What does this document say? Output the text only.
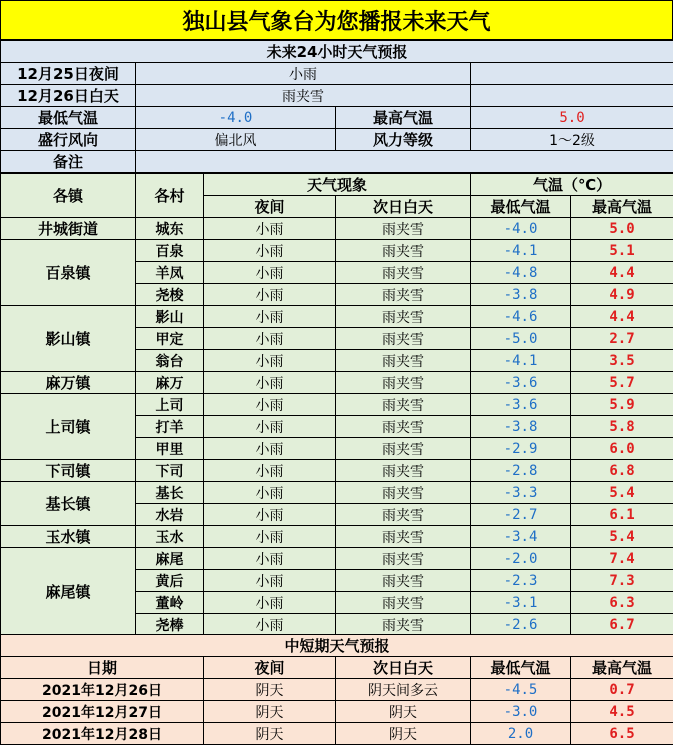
独山县气象台为您播报未来天气
未来24小时天气预报			
12月25日夜间	小雨		
12月26日白天	雨夹雪		
最低气温	-4.0	最高气温	5.0
盛行风向	偏北风	风力等级	1～2级
备注			
各镇	各村	天气现象		气温（℃）	
		夜间	次日白天	最低气温	最高气温
井城街道	城东	小雨	雨夹雪	-4.0	5.0
百泉镇	百泉	小雨	雨夹雪	-4.1	5.1
	羊凤	小雨	雨夹雪	-4.8	4.4
	尧梭	小雨	雨夹雪	-3.8	4.9
影山镇	影山	小雨	雨夹雪	-4.6	4.4
	甲定	小雨	雨夹雪	-5.0	2.7
	翁台	小雨	雨夹雪	-4.1	3.5
麻万镇	麻万	小雨	雨夹雪	-3.6	5.7
上司镇	上司	小雨	雨夹雪	-3.6	5.9
	打羊	小雨	雨夹雪	-3.8	5.8
	甲里	小雨	雨夹雪	-2.9	6.0
下司镇	下司	小雨	雨夹雪	-2.8	6.8
基长镇	基长	小雨	雨夹雪	-3.3	5.4
	水岩	小雨	雨夹雪	-2.7	6.1
玉水镇	玉水	小雨	雨夹雪	-3.4	5.4
麻尾镇	麻尾	小雨	雨夹雪	-2.0	7.4
	黄后	小雨	雨夹雪	-2.3	7.3
	董岭	小雨	雨夹雪	-3.1	6.3
	尧棒	小雨	雨夹雪	-2.6	6.7
中短期天气预报				
日期	夜间	次日白天	最低气温	最高气温
2021年12月26日	阴天	阴天间多云	-4.5	0.7
2021年12月27日	阴天	阴天	-3.0	4.5
2021年12月28日	阴天	阴天	2.0	6.5
